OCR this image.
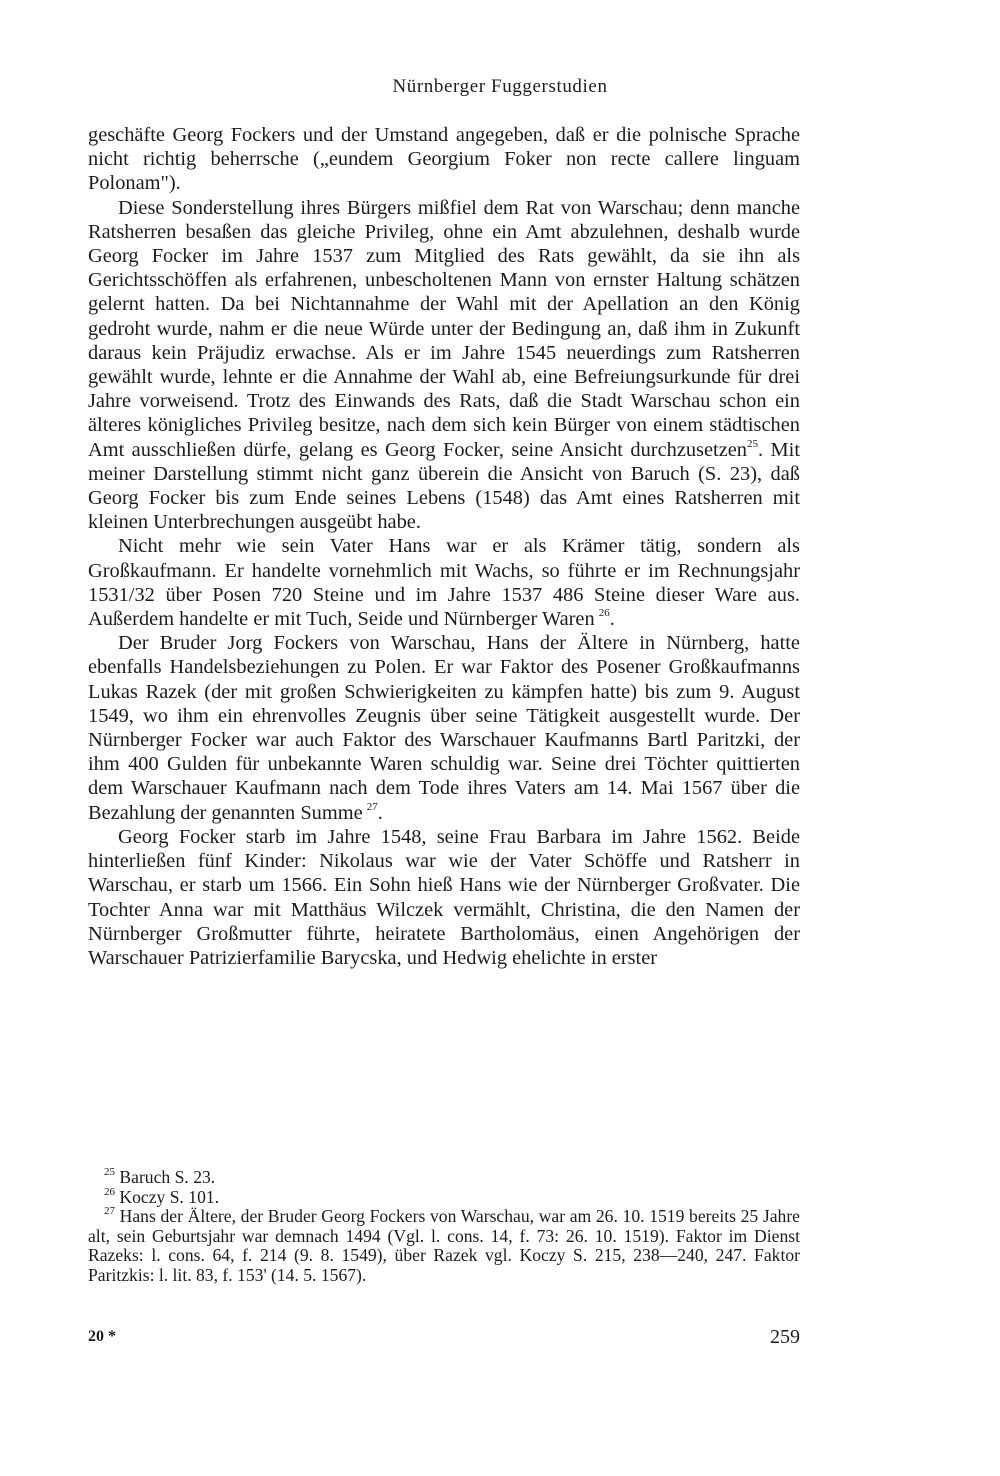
Nürnberger Fuggerstudien

geschäfte Georg Fockers und der Umstand angegeben, daß er die polnische Sprache nicht richtig beherrsche („eundem Georgium Foker non recte callere linguam Polonam").

Diese Sonderstellung ihres Bürgers mißfiel dem Rat von Warschau; denn manche Ratsherren besaßen das gleiche Privileg, ohne ein Amt abzulehnen, deshalb wurde Georg Focker im Jahre 1537 zum Mitglied des Rats gewählt, da sie ihn als Gerichtsschöffen als erfahrenen, unbescholtenen Mann von ernster Haltung schätzen gelernt hatten. Da bei Nichtannahme der Wahl mit der Apellation an den König gedroht wurde, nahm er die neue Würde unter der Bedingung an, daß ihm in Zukunft daraus kein Präjudiz erwachse. Als er im Jahre 1545 neuerdings zum Ratsherren gewählt wurde, lehnte er die Annahme der Wahl ab, eine Befreiungsurkunde für drei Jahre vorweisend. Trotz des Einwands des Rats, daß die Stadt Warschau schon ein älteres königliches Privileg besitze, nach dem sich kein Bürger von einem städtischen Amt ausschließen dürfe, gelang es Georg Focker, seine Ansicht durchzusetzen$^{25}$. Mit meiner Darstellung stimmt nicht ganz überein die Ansicht von Baruch (S. 23), daß Georg Focker bis zum Ende seines Lebens (1548) das Amt eines Ratsherren mit kleinen Unterbrechungen ausgeübt habe.

Nicht mehr wie sein Vater Hans war er als Krämer tätig, sondern als Großkaufmann. Er handelte vornehmlich mit Wachs, so führte er im Rechnungsjahr 1531/32 über Posen 720 Steine und im Jahre 1537 486 Steine dieser Ware aus. Außerdem handelte er mit Tuch, Seide und Nürnberger Waren  $^{26}$.

Der Bruder Jorg Fockers von Warschau, Hans der Ältere in Nürnberg, hatte ebenfalls Handelsbeziehungen zu Polen. Er war Faktor des Posener Großkaufmanns Lukas Razek (der mit großen Schwierigkeiten zu kämpfen hatte) bis zum 9. August 1549, wo ihm ein ehrenvolles Zeugnis über seine Tätigkeit ausgestellt wurde. Der Nürnberger Focker war auch Faktor des Warschauer Kaufmanns Bartl Paritzki, der ihm 400 Gulden für unbekannte Waren schuldig war. Seine drei Töchter quittierten dem Warschauer Kaufmann nach dem Tode ihres Vaters am 14. Mai 1567 über die Bezahlung der genannten Summe  $^{27}$.

Georg Focker starb im Jahre 1548, seine Frau Barbara im Jahre 1562. Beide hinterließen fünf Kinder: Nikolaus war wie der Vater Schöffe und Ratsherr in Warschau, er starb um 1566. Ein Sohn hieß Hans wie der Nürnberger Großvater. Die Tochter Anna war mit Matthäus Wilczek vermählt, Christina, die den Namen der Nürnberger Großmutter führte, heiratete Bartholomäus, einen Angehörigen der Warschauer Patrizierfamilie Barycska, und Hedwig ehelichte in erster

$^{25}$ Baruch S. 23.

$^{26}$ Koczy S. 101.

$^{27}$ Hans der Ältere, der Bruder Georg Fockers von Warschau, war am 26. 10. 1519 bereits 25 Jahre alt, sein Geburtsjahr war demnach 1494 (Vgl. l. cons. 14, f. 73: 26. 10. 1519). Faktor im Dienst Razeks: l. cons. 64, f. 214 (9. 8. 1549), über Razek vgl. Koczy S. 215, 238—240, 247. Faktor Paritzkis: l. lit. 83, f. 153' (14. 5. 1567).

20 *	259
